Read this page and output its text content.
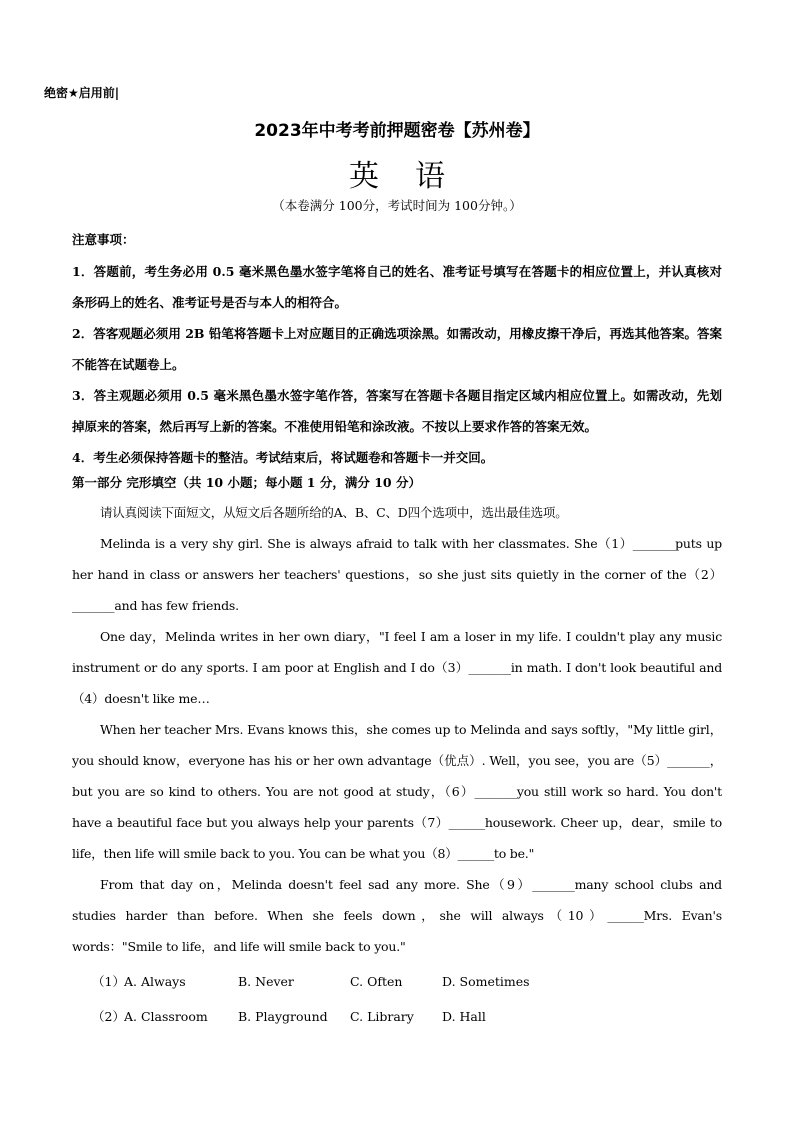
绝密★启用前|
2023年中考考前押题密卷【苏州卷】
英语
（本卷满分 100分，考试时间为 100分钟。）
注意事项：

1．答题前，考生务必用 0.5 毫米黑色墨水签字笔将自己的姓名、准考证号填写在答题卡的相应位置上，并认真核对条形码上的姓名、准考证号是否与本人的相符合。

2．答客观题必须用 2B 铅笔将答题卡上对应题目的正确选项涂黑。如需改动，用橡皮擦干净后，再选其他答案。答案不能答在试题卷上。

3．答主观题必须用 0.5 毫米黑色墨水签字笔作答，答案写在答题卡各题目指定区域内相应位置上。如需改动，先划掉原来的答案，然后再写上新的答案。不准使用铅笔和涂改液。不按以上要求作答的答案无效。

4．考生必须保持答题卡的整洁。考试结束后，将试题卷和答题卡一并交回。

第一部分 完形填空（共 10 小题；每小题 1 分，满分 10 分）

请认真阅读下面短文，从短文后各题所给的A、B、C、D四个选项中，选出最佳选项。

Melinda is a very shy girl. She is always afraid to talk with her classmates. She（1）_______puts up her hand in class or answers her teachers' questions，so she just sits quietly in the corner of the（2）_______and has few friends.

One day，Melinda writes in her own diary，"I feel I am a loser in my life. I couldn't play any music instrument or do any sports. I am poor at English and I do（3）_______in math. I don't look beautiful and（4）doesn't like me…

When her teacher Mrs. Evans knows this，she comes up to Melinda and says softly，"My little girl，you should know，everyone has his or her own advantage（优点）. Well，you see，you are（5）_______，but you are so kind to others. You are not good at study，（6）_______you still work so hard. You don't have a beautiful face but you always help your parents（7）______housework. Cheer up，dear，smile to life，then life will smile back to you. You can be what you（8）______to be."

From that day on，Melinda doesn't feel sad any more. She（9）_______many school clubs and studies harder than before. When she feels down，she will always（10）______Mrs. Evan's words："Smile to life，and life will smile back to you."

（1）A. Always	B. Never	C. Often	D. Sometimes
（2）A. Classroom B. Playground C. Library D. Hall
